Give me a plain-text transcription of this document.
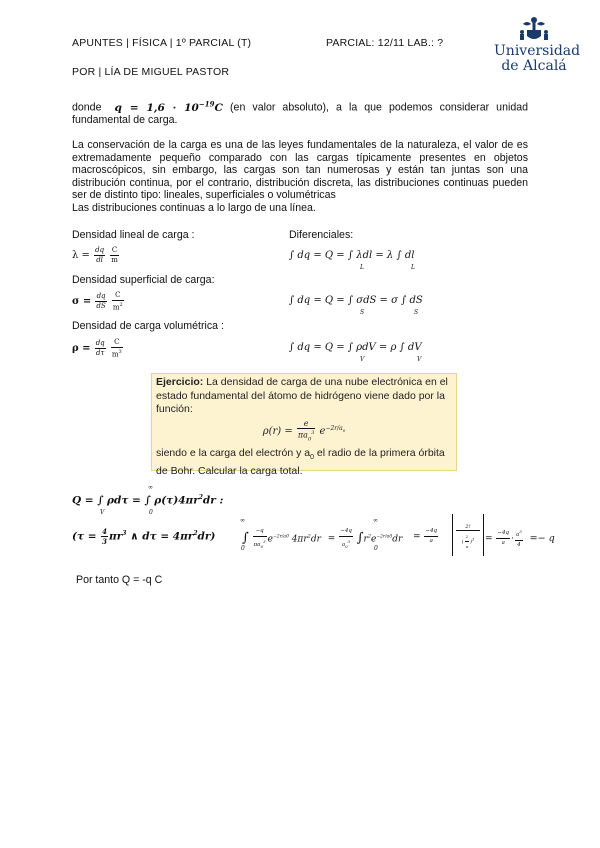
APUNTES | FÍSICA | 1º PARCIAL (T)	PARCIAL: 12/11 LAB.: ?
POR | LÍA DE MIGUEL PASTOR
Universidad
de Alcalá
donde $q = 1,6 \cdot 10^{-19}C$ (en valor absoluto), a la que podemos considerar unidad fundamental de carga.
La conservación de la carga es una de las leyes fundamentales de la naturaleza, el valor de es extremadamente pequeño comparado con las cargas típicamente presentes en objetos macroscópicos, sin embargo, las cargas son tan numerosas y están tan juntas son una distribución continua, por el contrario, distribución discreta, las distribuciones continuas pueden ser de distinto tipo: lineales, superficiales o volumétricas
Las distribuciones continuas a lo largo de una línea.
Densidad lineal de carga :	Diferenciales:
$\lambda = \frac{dq}{dl}$
$\frac{C}{m}$	∫ dq = Q = ∫ λdl = λ ∫ dl
L	L
Densidad superficial de carga:
$\sigma = \frac{dq}{dS}$
$\frac{C}{m^2}$	∫ dq = Q = ∫ σdS = σ ∫ dS
S	S
Densidad de carga volumétrica :
$\rho = \frac{dq}{d\tau}$
$\frac{C}{m^3}$	∫ dq = Q = ∫ ρdV = ρ ∫ dV
V	V
Ejercicio: La densidad de carga de una nube electrónica en el estado fundamental del átomo de hidrógeno viene dado por la función:
$\rho(r) = \frac{e}{\pi a_0^3} e^{-2r/a_0}$
siendo e la carga del electrón y $a_0$ el radio de la primera órbita de Bohr. Calcular la carga total.
Q = ∫ ρdτ = ∫ $\rho(\tau)4\pi r^2dr$ :
V
∞
0
($\tau = \frac{4}{3} \pi r^3$ ∧ $d\tau = 4\pi r^2dr$) ∫ $\frac{-q}{\pi a_0^3} e^{-2r/a0}$ $4\pi r^2dr = \frac{-4q}{a_0^3} \int r^2e^{-2r/a0}dr$
∞
0
∞
0
= $\frac{-4q}{a}$	2!
( $\frac{2}{a} )^3$	= $\frac{-4q}{a} \cdot \frac{a^3}{4} =- q$
Por tanto Q = -q C
